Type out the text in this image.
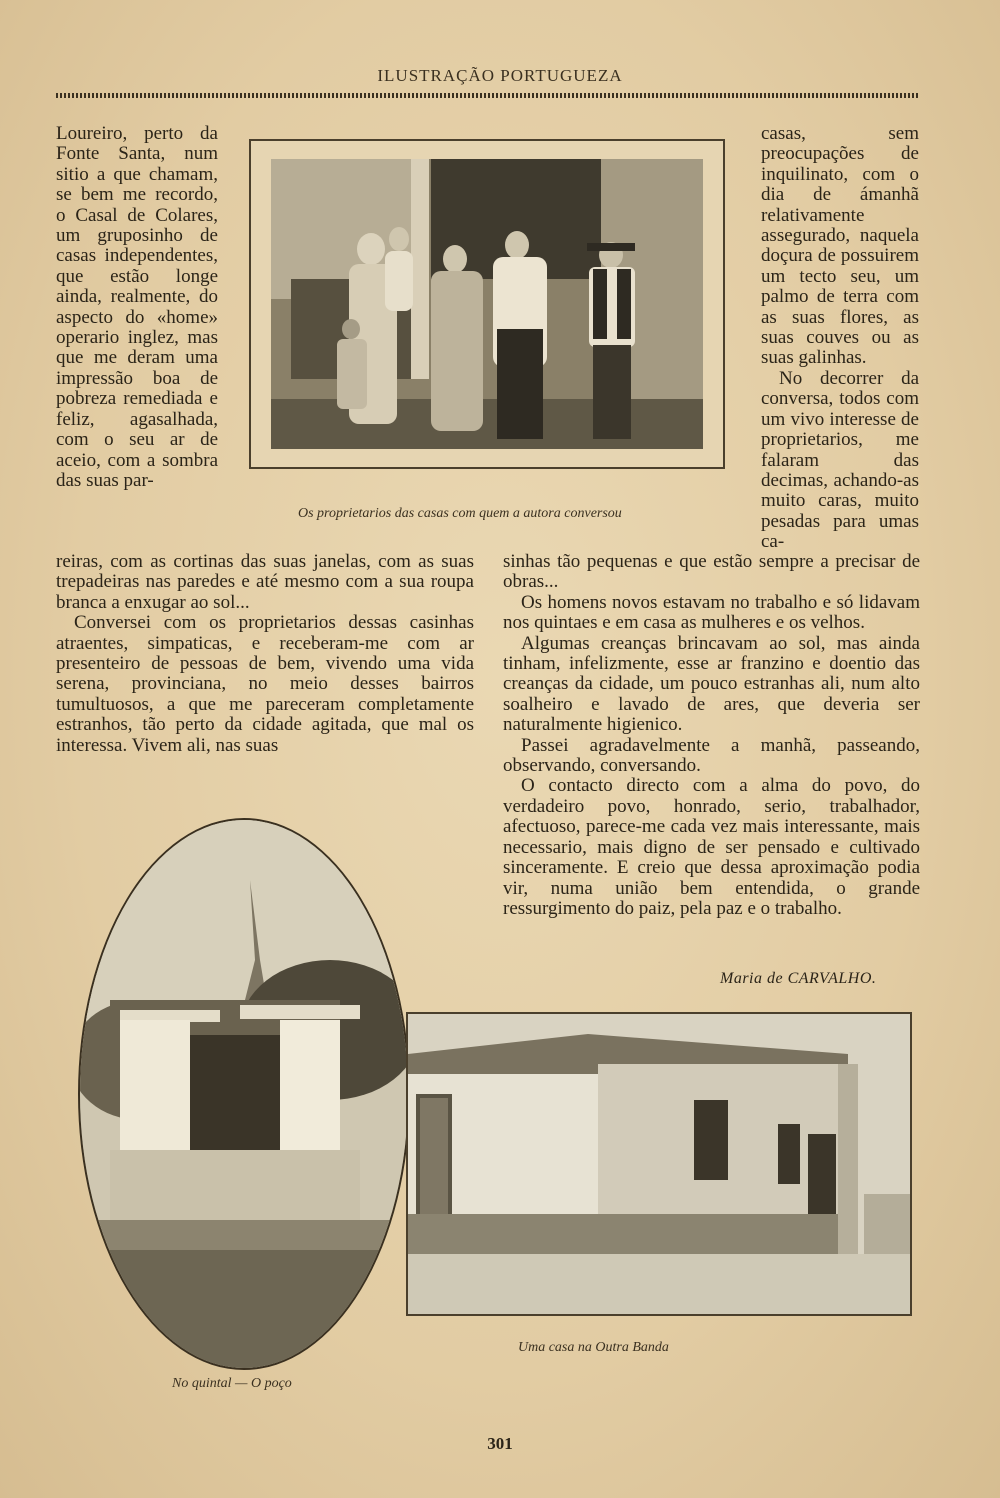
ILUSTRAÇÃO PORTUGUEZA
Os proprietarios das casas com quem a autora conversou

Loureiro, perto da Fonte Santa, num sitio a que chamam, se bem me recordo, o Casal de Colares, um gruposinho de casas independentes, que estão longe ainda, realmente, do aspecto do «home» operario inglez, mas que me deram uma impressão boa de pobreza remediada e feliz, agasalhada, com o seu ar de aceio, com a sombra das suas par-

reiras, com as cortinas das suas janelas, com as suas trepadeiras nas paredes e até mesmo com a sua roupa branca a enxugar ao sol...
Conversei com os proprietarios dessas casinhas atraentes, simpaticas, e receberam-me com ar presenteiro de pessoas de bem, vivendo uma vida serena, provinciana, no meio desses bairros tumultuosos, a que me pareceram completamente estranhos, tão perto da cidade agitada, que mal os interessa. Vivem ali, nas suas
casas, sem preocupações de inquilinato, com o dia de ámanhã relativamente assegurado, naquela doçura de possuirem um tecto seu, um palmo de terra com as suas flores, as suas couves ou as suas galinhas.
No decorrer da conversa, todos com um vivo interesse de proprietarios, me falaram das decimas, achando-as muito caras, muito pesadas para umas ca-
sinhas tão pequenas e que estão sempre a precisar de obras...
Os homens novos estavam no trabalho e só lidavam nos quintaes e em casa as mulheres e os velhos.
Algumas creanças brincavam ao sol, mas ainda tinham, infelizmente, esse ar franzino e doentio das creanças da cidade, um pouco estranhas ali, num alto soalheiro e lavado de ares, que deveria ser naturalmente higienico.
Passei agradavelmente a manhã, passeando, observando, conversando.
O contacto directo com a alma do povo, do verdadeiro povo, honrado, serio, trabalhador, afectuoso, parece-me cada vez mais interessante, mais necessario, mais digno de ser pensado e cultivado sinceramente. E creio que dessa aproximação podia vir, numa união bem entendida, o grande ressurgimento do paiz, pela paz e o trabalho.
Maria de CARVALHO.
No quintal — O poço
Uma casa na Outra Banda
301
